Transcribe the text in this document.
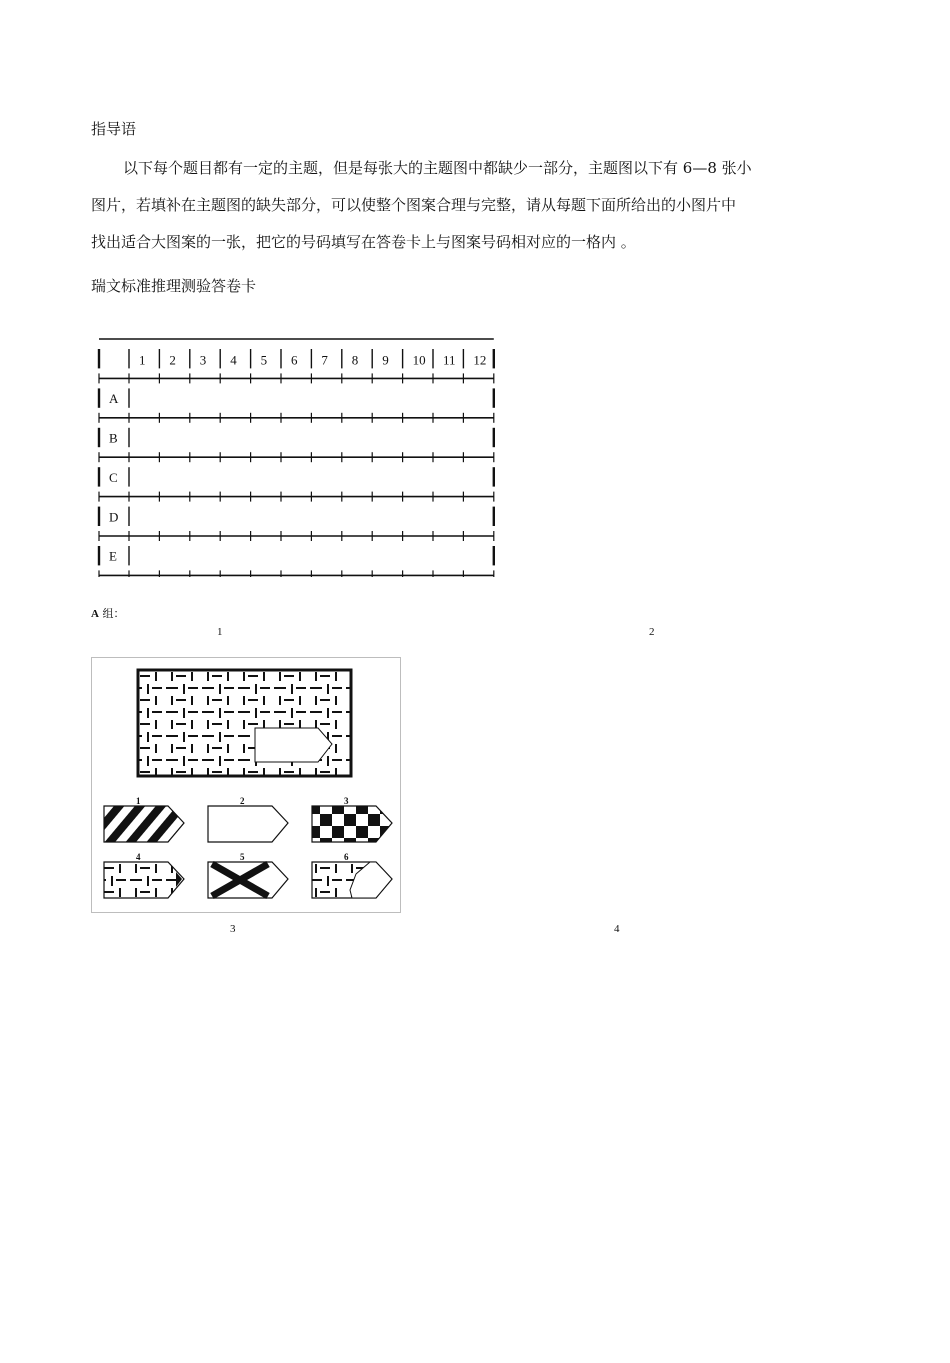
指导语
以下每个题目都有一定的主题，但是每张大的主题图中都缺少一部分，主题图以下有 6—8 张小
图片，若填补在主题图的缺失部分，可以使整个图案合理与完整，请从每题下面所给出的小图片中
找出适合大图案的一张，把它的号码填写在答卷卡上与图案号码相对应的一格内 。
瑞文标准推理测验答卷卡
1 2 3 4 5 6 7 8 9 10 11 12
A
B
C
D
E
A 组：
1	2
3	4
1	2	3
4	5	6
